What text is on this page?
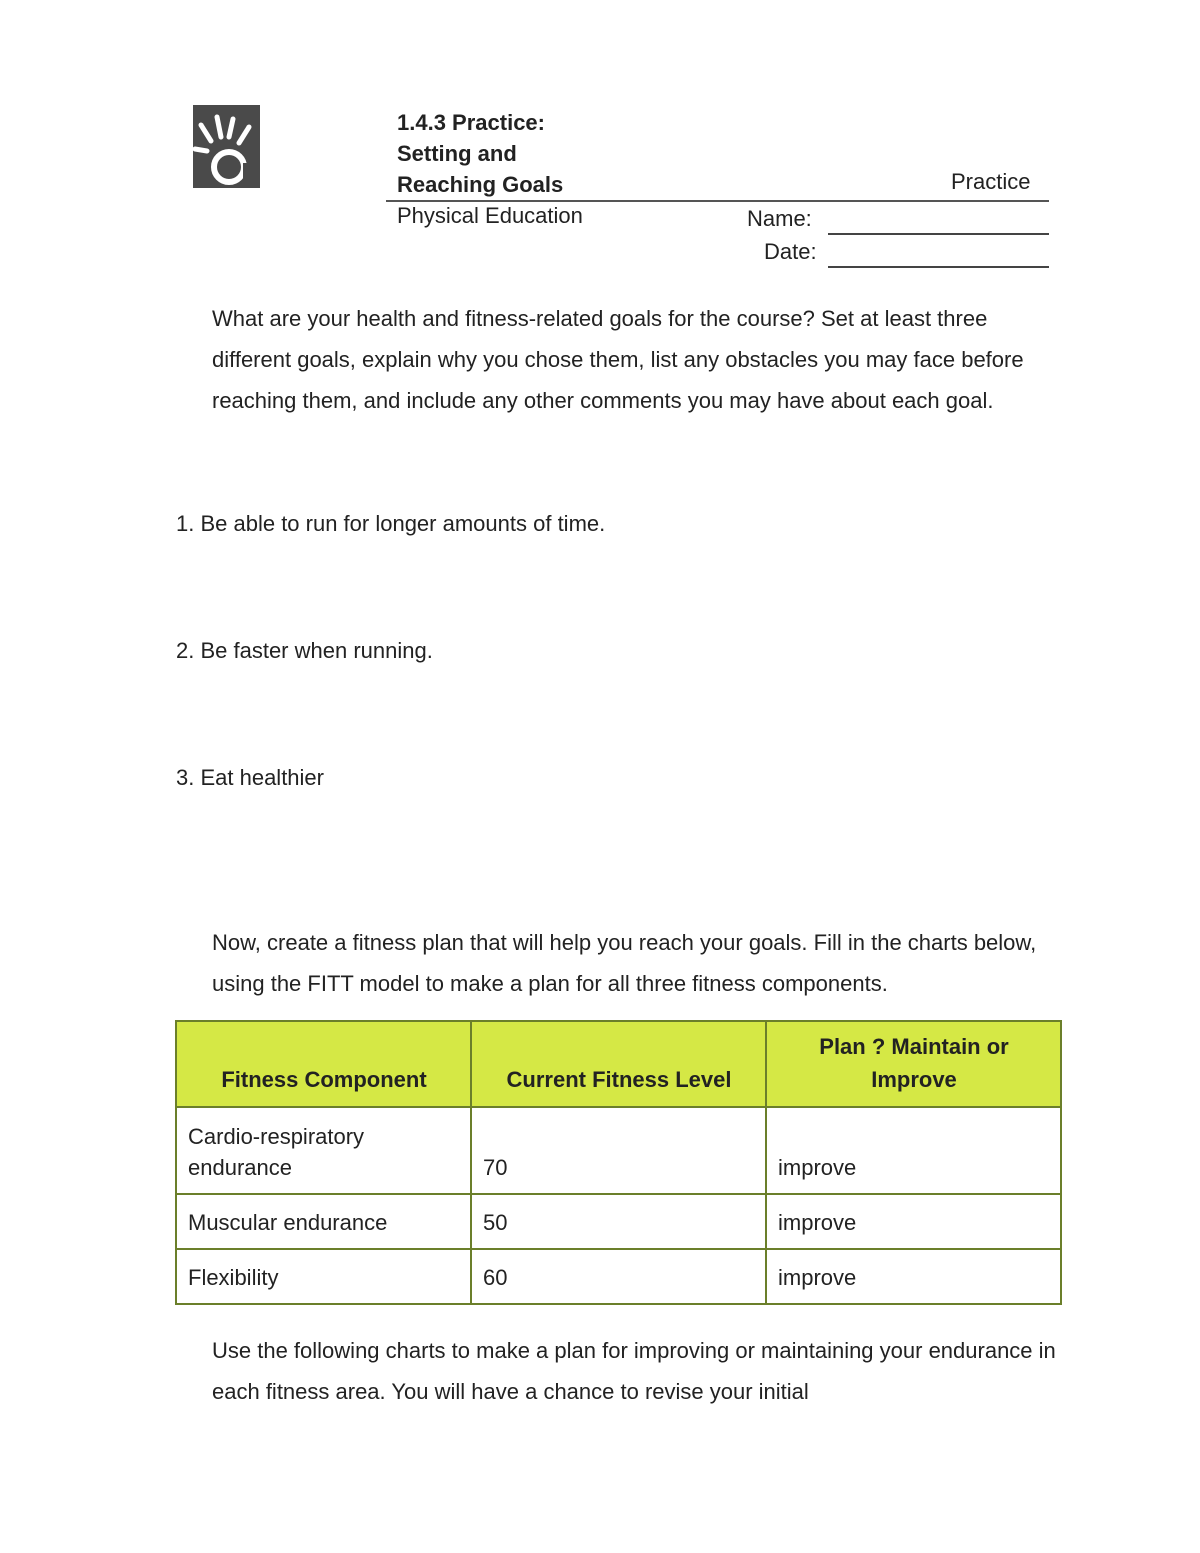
1.4.3 Practice:
Setting and
Reaching Goals	Practice
Physical Education	Name:
Date:
What are your health and fitness-related goals for the course? Set at least three different goals, explain why you chose them, list any obstacles you may face before reaching them, and include any other comments you may have about each goal.
1. Be able to run for longer amounts of time.
2. Be faster when running.
3. Eat healthier
Now, create a fitness plan that will help you reach your goals. Fill in the charts below, using the FITT model to make a plan for all three fitness components.
Fitness Component	Current Fitness Level	Plan ? Maintain or Improve
Cardio-respiratory endurance	70	improve
Muscular endurance	50	improve
Flexibility	60	improve
Use the following charts to make a plan for improving or maintaining your endurance in each fitness area. You will have a chance to revise your initial
